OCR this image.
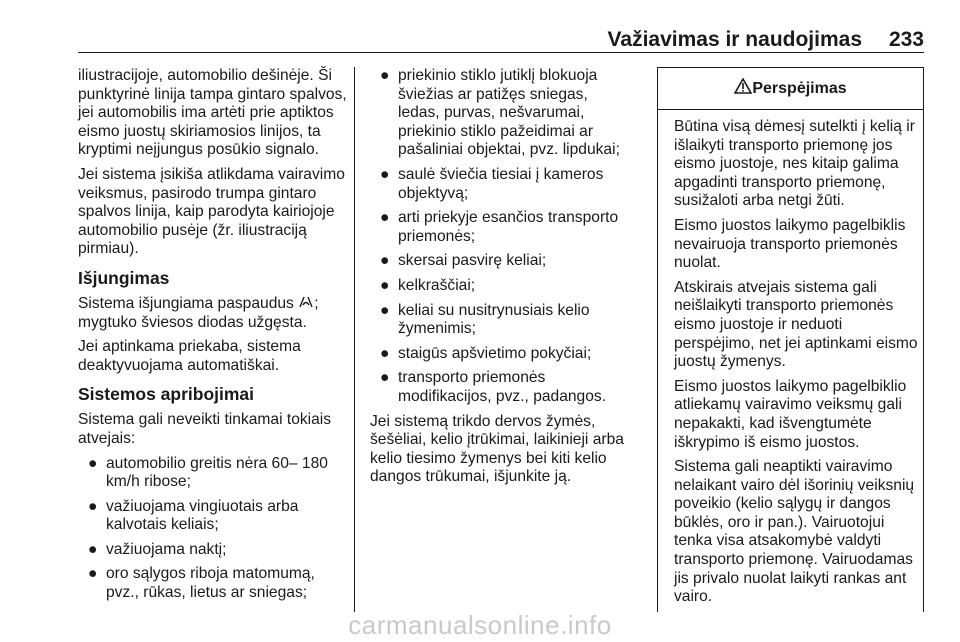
Važiavimas ir naudojimas 233

iliustracijoje, automobilio dešinėje. Ši punktyrinė linija tampa gintaro spalvos, jei automobilis ima artėti prie aptiktos eismo juostų skiriamosios linijos, ta kryptimi neįjungus posūkio signalo.

Jei sistema įsikiša atlikdama vairavimo veiksmus, pasirodo trumpa gintaro spalvos linija, kaip parodyta kairiojoje automobilio pusėje (žr. iliustraciją pirmiau).

Išjungimas

Sistema išjungiama paspaudus ; mygtuko šviesos diodas užgęsta.

Jei aptinkama priekaba, sistema deaktyvuojama automatiškai.

Sistemos apribojimai

Sistema gali neveikti tinkamai tokiais atvejais:

● automobilio greitis nėra 60– 180 km/h ribose;
● važiuojama vingiuotais arba kalvotais keliais;
● važiuojama naktį;
● oro sąlygos riboja matomumą, pvz., rūkas, lietus ar sniegas;
● priekinio stiklo jutiklį blokuoja šviežias ar patižęs sniegas, ledas, purvas, nešvarumai, priekinio stiklo pažeidimai ar pašaliniai objektai, pvz. lipdukai;
● saulė šviečia tiesiai į kameros objektyvą;
● arti priekyje esančios transporto priemonės;
● skersai pasvirę keliai;
● kelkraščiai;
● keliai su nusitrynusiais kelio žymenimis;
● staigūs apšvietimo pokyčiai;
● transporto priemonės modifikacijos, pvz., padangos.

Jei sistemą trikdo dervos žymės, šešėliai, kelio įtrūkimai, laikinieji arba kelio tiesimo žymenys bei kiti kelio dangos trūkumai, išjunkite ją.

Perspėjimas

Būtina visą dėmesį sutelkti į kelią ir išlaikyti transporto priemonę jos eismo juostoje, nes kitaip galima apgadinti transporto priemonę, susižaloti arba netgi žūti.

Eismo juostos laikymo pagelbiklis nevairuoja transporto priemonės nuolat.

Atskirais atvejais sistema gali neišlaikyti transporto priemonės eismo juostoje ir neduoti perspėjimo, net jei aptinkami eismo juostų žymenys.

Eismo juostos laikymo pagelbiklio atliekamų vairavimo veiksmų gali nepakakti, kad išvengtumėte iškrypimo iš eismo juostos.

Sistema gali neaptikti vairavimo nelaikant vairo dėl išorinių veiksnių poveikio (kelio sąlygų ir dangos būklės, oro ir pan.). Vairuotojui tenka visa atsakomybė valdyti transporto priemonę. Vairuodamas jis privalo nuolat laikyti rankas ant vairo.

carmanualsonline.info
